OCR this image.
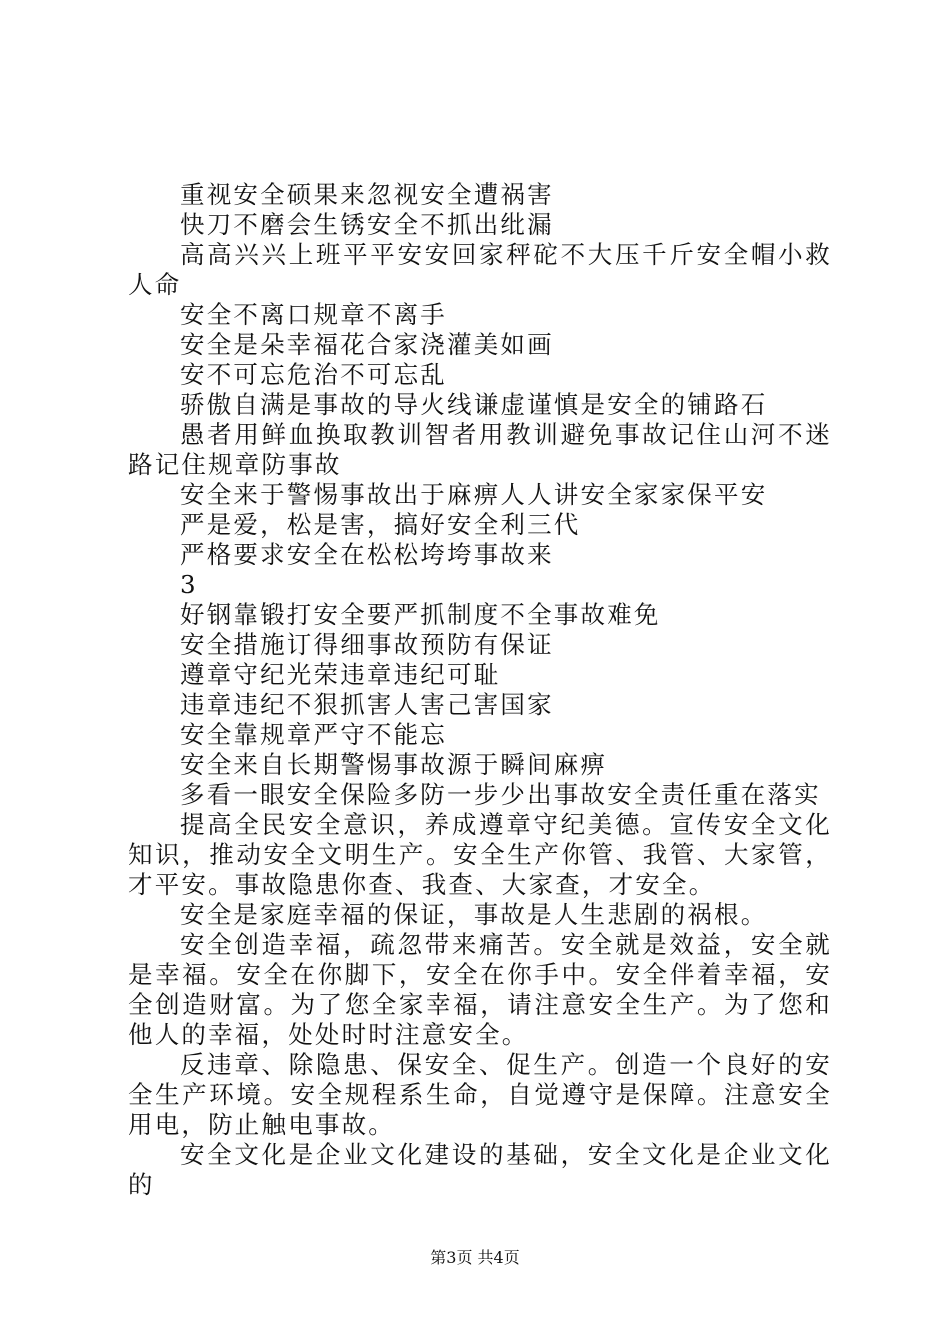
重视安全硕果来忽视安全遭祸害

快刀不磨会生锈安全不抓出纰漏

高高兴兴上班平平安安回家秤砣不大压千斤安全帽小救人命

安全不离口规章不离手

安全是朵幸福花合家浇灌美如画

安不可忘危治不可忘乱

骄傲自满是事故的导火线谦虚谨慎是安全的铺路石

愚者用鲜血换取教训智者用教训避免事故记住山河不迷路记住规章防事故

安全来于警惕事故出于麻痹人人讲安全家家保平安

严是爱，松是害，搞好安全利三代

严格要求安全在松松垮垮事故来

3

好钢靠锻打安全要严抓制度不全事故难免

安全措施订得细事故预防有保证

遵章守纪光荣违章违纪可耻

违章违纪不狠抓害人害己害国家

安全靠规章严守不能忘

安全来自长期警惕事故源于瞬间麻痹

多看一眼安全保险多防一步少出事故安全责任重在落实

提高全民安全意识，养成遵章守纪美德。宣传安全文化知识，推动安全文明生产。安全生产你管、我管、大家管，才平安。事故隐患你查、我查、大家查，才安全。

安全是家庭幸福的保证，事故是人生悲剧的祸根。

安全创造幸福，疏忽带来痛苦。安全就是效益，安全就是幸福。安全在你脚下，安全在你手中。安全伴着幸福，安全创造财富。为了您全家幸福，请注意安全生产。为了您和他人的幸福，处处时时注意安全。

反违章、除隐患、保安全、促生产。创造一个良好的安全生产环境。安全规程系生命，自觉遵守是保障。注意安全用电，防止触电事故。

安全文化是企业文化建设的基础，安全文化是企业文化的

第3页 共4页
